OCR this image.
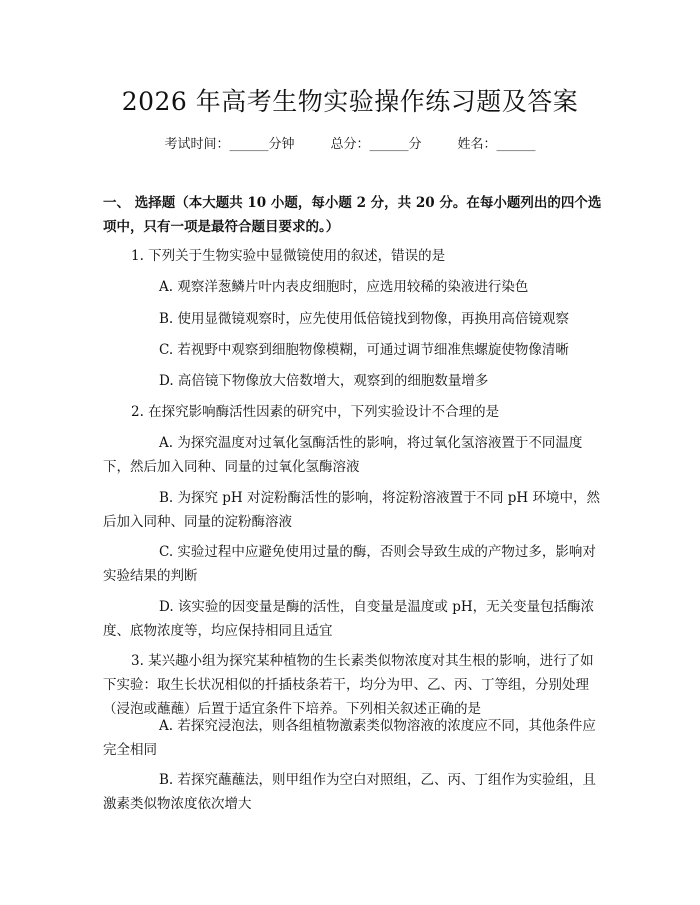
2026 年高考生物实验操作练习题及答案
考试时间：______分钟	总分：______分	姓名：______
一、 选择题（本大题共 10 小题，每小题 2 分，共 20 分。在每小题列出的四个选项中，只有一项是最符合题目要求的。）
1. 下列关于生物实验中显微镜使用的叙述，错误的是
A. 观察洋葱鳞片叶内表皮细胞时，应选用较稀的染液进行染色
B. 使用显微镜观察时，应先使用低倍镜找到物像，再换用高倍镜观察
C. 若视野中观察到细胞物像模糊，可通过调节细准焦螺旋使物像清晰
D. 高倍镜下物像放大倍数增大，观察到的细胞数量增多
2. 在探究影响酶活性因素的研究中，下列实验设计不合理的是
A. 为探究温度对过氧化氢酶活性的影响，将过氧化氢溶液置于不同温度下，然后加入同种、同量的过氧化氢酶溶液
B. 为探究 pH 对淀粉酶活性的影响，将淀粉溶液置于不同 pH 环境中，然后加入同种、同量的淀粉酶溶液
C. 实验过程中应避免使用过量的酶，否则会导致生成的产物过多，影响对实验结果的判断
D. 该实验的因变量是酶的活性，自变量是温度或 pH，无关变量包括酶浓度、底物浓度等，均应保持相同且适宜
3. 某兴趣小组为探究某种植物的生长素类似物浓度对其生根的影响，进行了如下实验：取生长状况相似的扦插枝条若干，均分为甲、乙、丙、丁等组，分别处理（浸泡或蘸蘸）后置于适宜条件下培养。下列相关叙述正确的是
A. 若探究浸泡法，则各组植物激素类似物溶液的浓度应不同，其他条件应完全相同
B. 若探究蘸蘸法，则甲组作为空白对照组，乙、丙、丁组作为实验组，且激素类似物浓度依次增大
